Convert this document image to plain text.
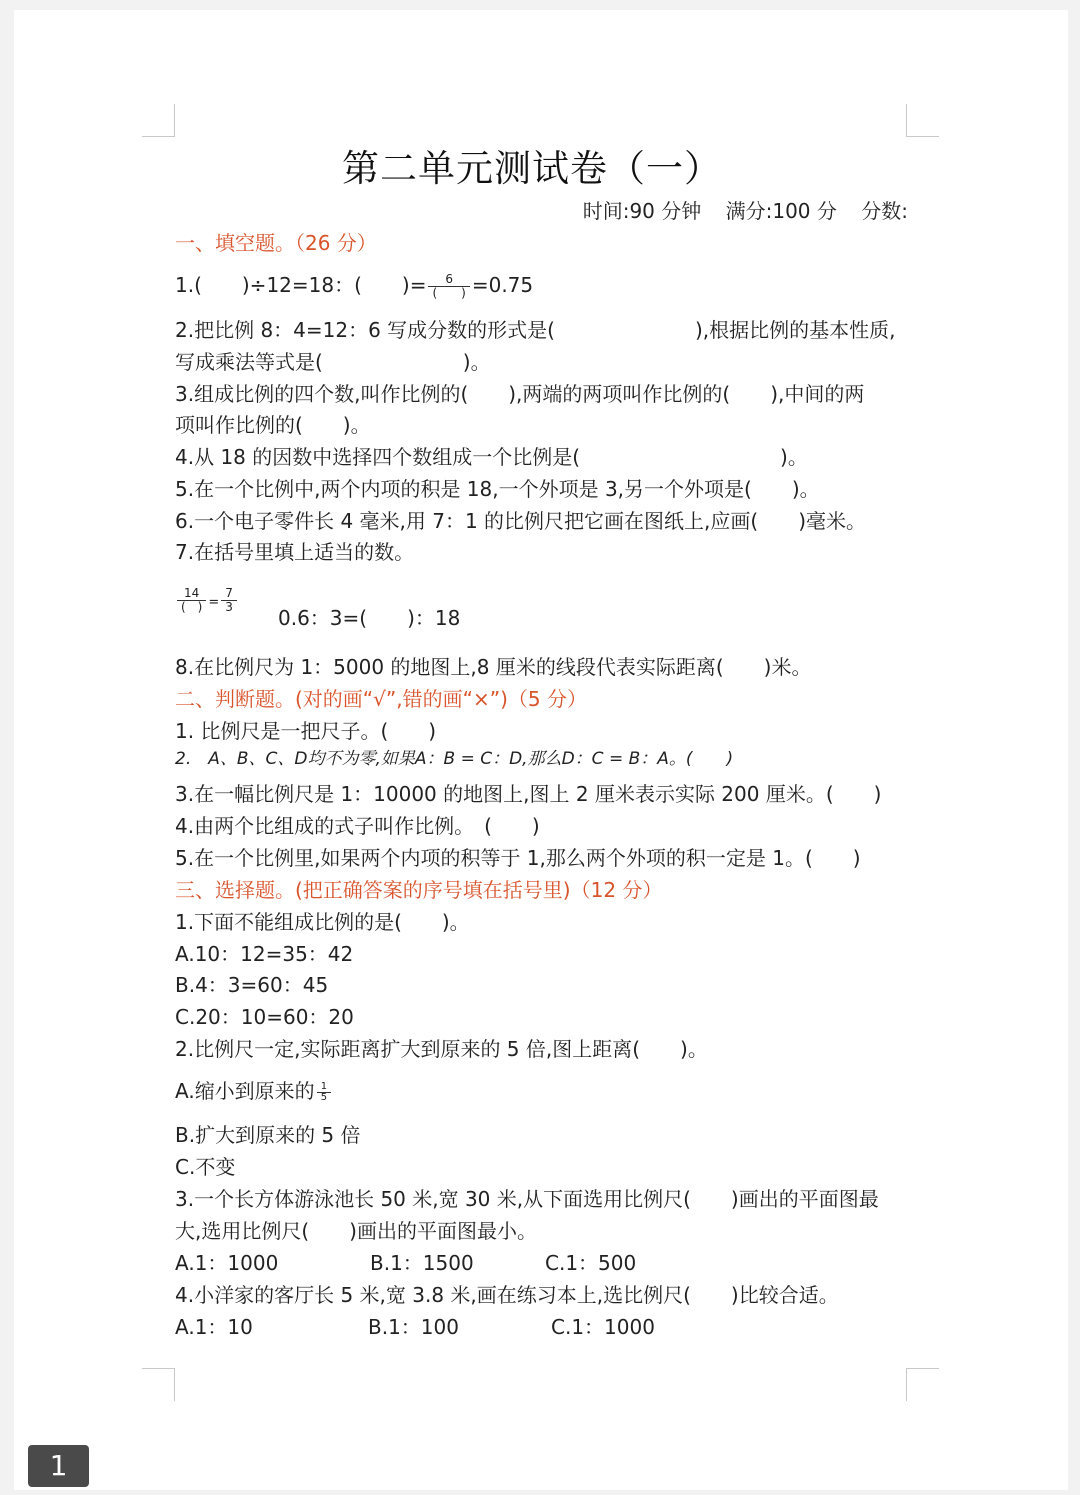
第二单元测试卷（一）
时间:90 分钟 满分:100 分 分数:
一、填空题。（26 分）
1.(　　)÷12=18：(　　)= $\frac{6}{( )} =0.75$
2.把比例 8：4=12：6 写成分数的形式是(　　　　　　　),根据比例的基本性质,
写成乘法等式是(　　　　　　　)。
3.组成比例的四个数,叫作比例的(　　),两端的两项叫作比例的(　　),中间的两
项叫作比例的(　　)。
4.从 18 的因数中选择四个数组成一个比例是(　　　　　　　　　　)。
5.在一个比例中,两个内项的积是 18,一个外项是 3,另一个外项是(　　)。
6.一个电子零件长 4 毫米,用 7：1 的比例尺把它画在图纸上,应画(　　)毫米。
7.在括号里填上适当的数。
$\frac{14}{( )} = \frac{7}{3}$
0.6：3=(　　)：18
8.在比例尺为 1：5000 的地图上,8 厘米的线段代表实际距离(　　)米。
二、判断题。(对的画“√”,错的画“×”)（5 分）
1. 比例尺是一把尺子。(　　)
2.　A、B、C、D均不为零,如果A：B = C：D,那么D：C = B：A。(　　)
3.在一幅比例尺是 1：10000 的地图上,图上 2 厘米表示实际 200 厘米。(　　)
4.由两个比组成的式子叫作比例。　(　　)
5.在一个比例里,如果两个内项的积等于 1,那么两个外项的积一定是 1。(　　)
三、选择题。(把正确答案的序号填在括号里)（12 分）
1.下面不能组成比例的是(　　)。
A.10：12=35：42
B.4：3=60：45
C.20：10=60：20
2.比例尺一定,实际距离扩大到原来的 5 倍,图上距离(　　)。
A.缩小到原来的 $\frac{1}{5}$
B.扩大到原来的 5 倍
C.不变
3.一个长方体游泳池长 50 米,宽 30 米,从下面选用比例尺(　　)画出的平面图最
大,选用比例尺(　　)画出的平面图最小。
A.1：1000	B.1：1500	C.1：500
4.小洋家的客厅长 5 米,宽 3.8 米,画在练习本上,选比例尺(　　)比较合适。
A.1：10	B.1：100	C.1：1000
1
